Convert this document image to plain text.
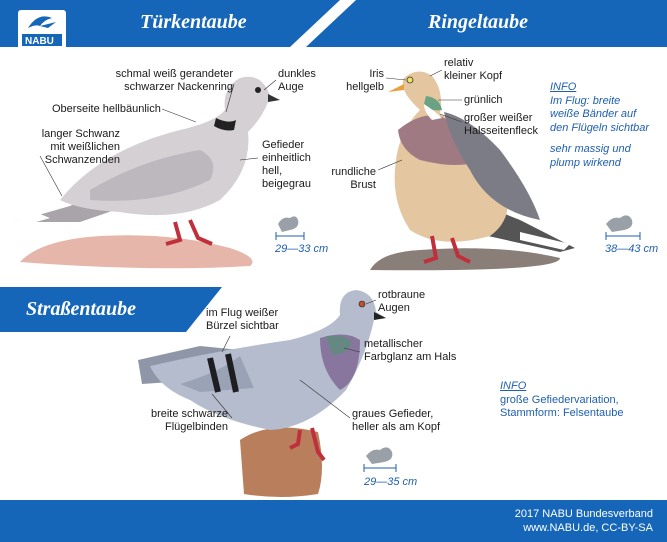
NABU
Türkentaube	Ringeltaube
Straßentaube
schmal weiß gerandeter
schwarzer Nackenring
Oberseite hellbäunlich
langer Schwanz
mit weißlichen
Schwanzenden
dunkles
Auge
Gefieder
einheitlich
hell,
beigegrau
29—33 cm
Iris
hellgelb
relativ
kleiner Kopf
grünlich
großer weißer
Halsseitenfleck
rundliche
Brust
INFO
Im Flug: breite
weiße Bänder auf
den Flügeln sichtbar
sehr massig und
plump wirkend
38—43 cm
im Flug weißer
Bürzel sichtbar
rotbraune
Augen
metallischer
Farbglanz am Hals
breite schwarze
Flügelbinden
graues Gefieder,
heller als am Kopf
INFO
große Gefiedervariation,
Stammform: Felsentaube
29—35 cm
2017 NABU Bundesverband
www.NABU.de, CC-BY-SA
